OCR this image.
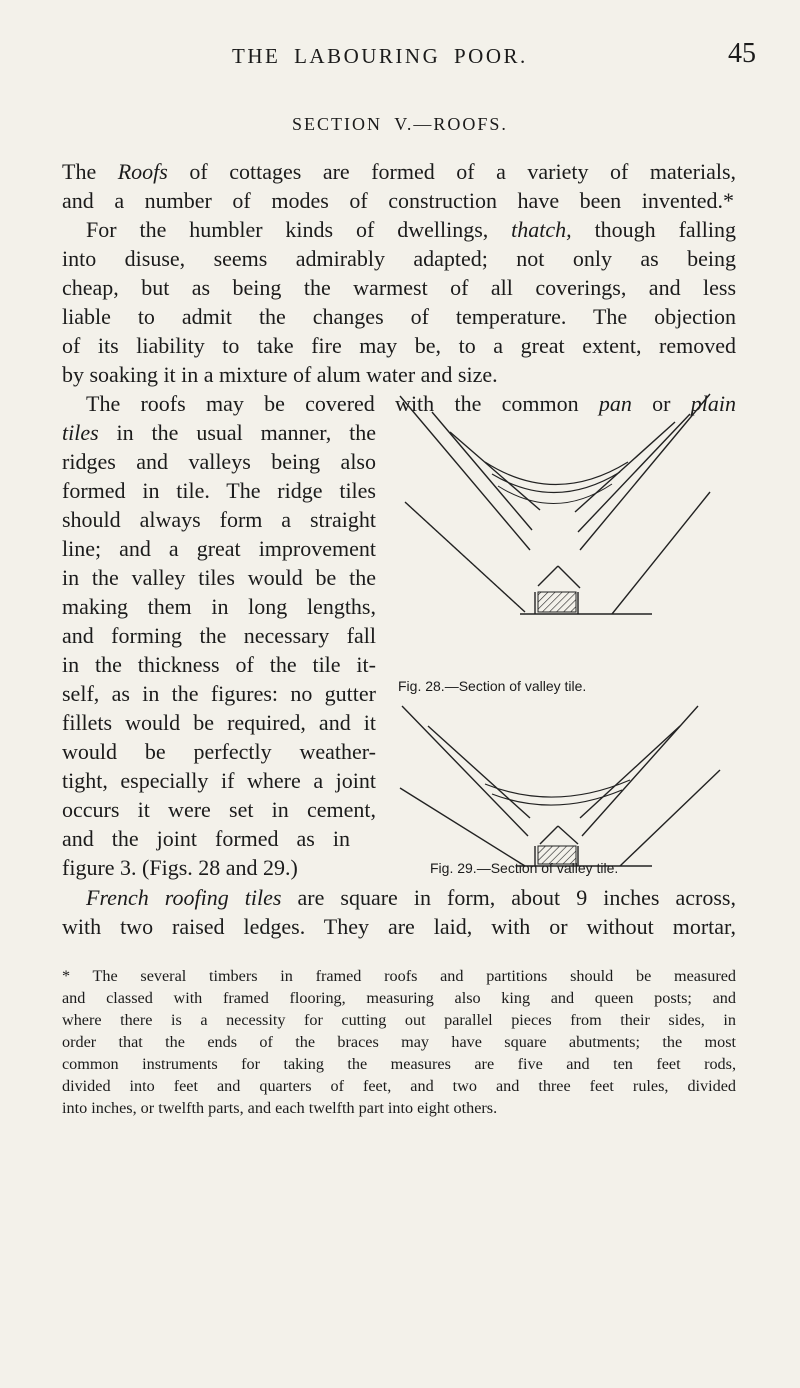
THE LABOURING POOR.	45
SECTION V.—ROOFS.
The Roofs of cottages are formed of a variety of materials,
and a number of modes of construction have been invented.*
For the humbler kinds of dwellings, thatch, though falling
into disuse, seems admirably adapted; not only as being
cheap, but as being the warmest of all coverings, and less
liable to admit the changes of temperature. The objection
of its liability to take fire may be, to a great extent, removed
by soaking it in a mixture of alum water and size.
The roofs may be covered with the common pan or plain
tiles in the usual manner, the
ridges and valleys being also
formed in tile. The ridge tiles
should always form a straight
line; and a great improvement
in the valley tiles would be the
making them in long lengths,
and forming the necessary fall
in the thickness of the tile it-
self, as in the figures: no gutter
fillets would be required, and it
would be perfectly weather-
tight, especially if where a joint
occurs it were set in cement,
and the joint formed as in
figure 3. (Figs. 28 and 29.)
French roofing tiles are square in form, about 9 inches across,
with two raised ledges. They are laid, with or without mortar,
Fig. 28.—Section of valley tile.
Fig. 29.—Section of valley tile.
* The several timbers in framed roofs and partitions should be measured
and classed with framed flooring, measuring also king and queen posts; and
where there is a necessity for cutting out parallel pieces from their sides, in
order that the ends of the braces may have square abutments; the most
common instruments for taking the measures are five and ten feet rods,
divided into feet and quarters of feet, and two and three feet rules, divided
into inches, or twelfth parts, and each twelfth part into eight others.
